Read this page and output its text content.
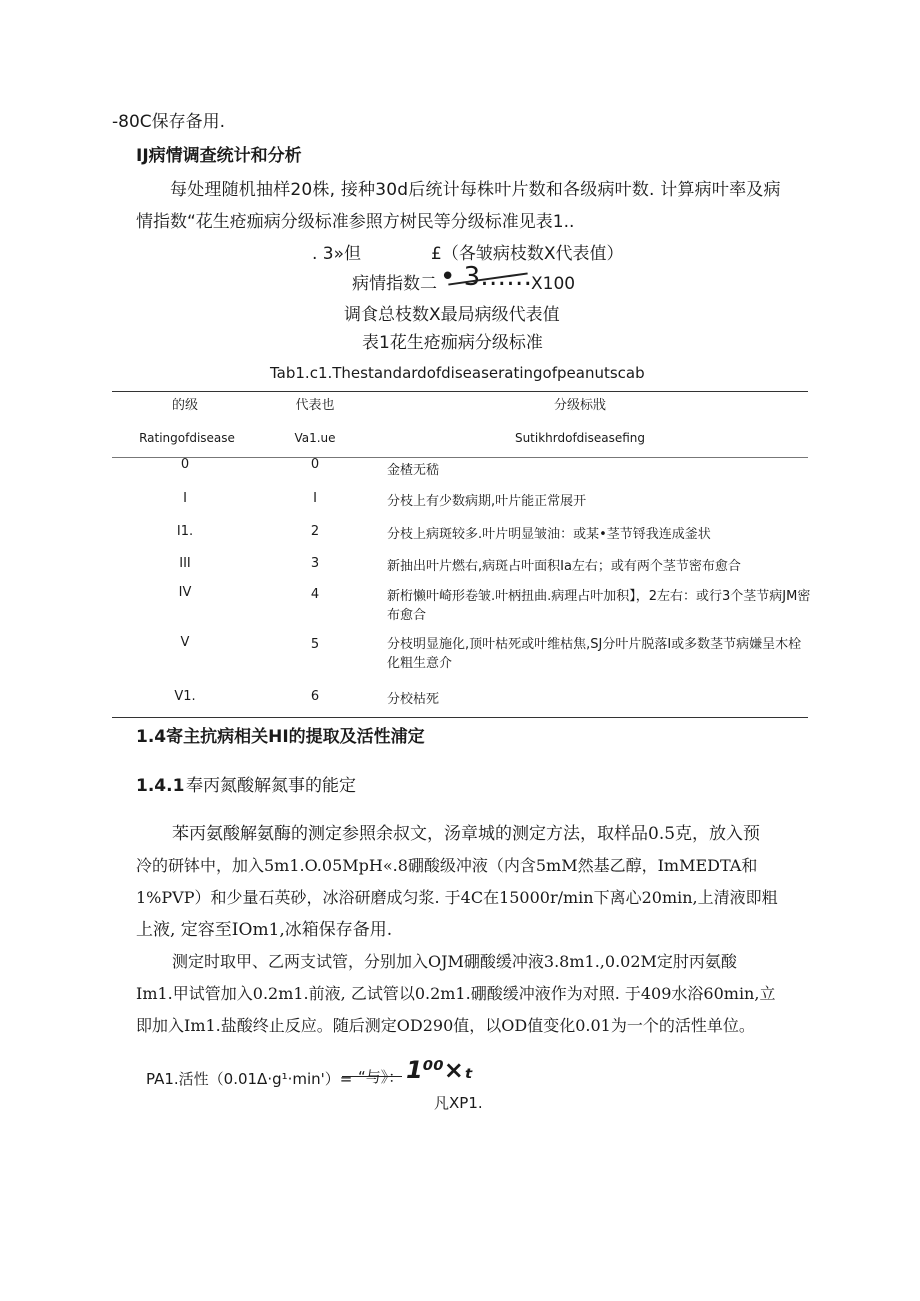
-80C保存备用.
IJ病情调查统计和分析
每处理随机抽样20株, 接种30d后统计每株叶片数和各级病叶数. 计算病叶率及病
情指数“花生疮痂病分级标准参照方树民等分级标准见表1..
. 3»但	£（各皱病枝数X代表值）
病情指数二 • 3……
X100
调食总枝数X最局病级代表值
表1花生疮痂病分级标准
Tab1.c1.Thestandardofdiseaseratingofpeanutscab
的级	代表也	分级标戕
Ratingofdisease	Va1.ue	Sutikhrdofdiseasefing
0	0	金楂无嵇
I	I	分枝上有少数病期,叶片能正常展开
I1.	2	分枝上病斑较多.叶片明显皱油：或某•茎节锊我连成釜状
III	3	新抽出叶片燃右,病斑占叶面积Ia左右；或有两个茎节密布愈合
IV	4	新桁懒叶崎形卷皱.叶柄扭曲.病理占叶加积】，2左右：或行3个茎节病JM密布愈合
V	5	分枝明显施化,顶叶枯死或叶维枯焦,SJ分叶片脱落I或多数茎节病嫌呈木栓化粗生意介
V1.	6	分校枯死
1.4寄主抗病相关HI的提取及活性浦定
1.4.1 奉丙氮酸解氮事的能定
苯丙氨酸解氨酶的测定参照余叔文，汤章城的测定方法，取样品0.5克，放入预
冷的研钵中，加入5m1.O.05MpH«.8硼酸级冲液（内含5mM然基乙醇，ImMEDTA和
1%PVP）和少量石英砂，冰浴研磨成匀浆. 于4C在15000r∕min下离心20min,上清液即粗
上液, 定容至IOm1,冰箱保存备用.
测定时取甲、乙两支试管，分别加入OJM硼酸缓冲液3.8m1.,0.02M定肘丙氨酸
Im1.甲试管加入0.2m1.前液, 乙试管以0.2m1.硼酸缓冲液作为对照. 于409水浴60min,立
即加入Im1.盐酸终止反应。随后测定OD290值，以OD值变化0.01为一个的活性单位。
PA1.活性（0.01Δ·g¹·min'）= “与》： 1⁰⁰×ₜ
凡XP1.
